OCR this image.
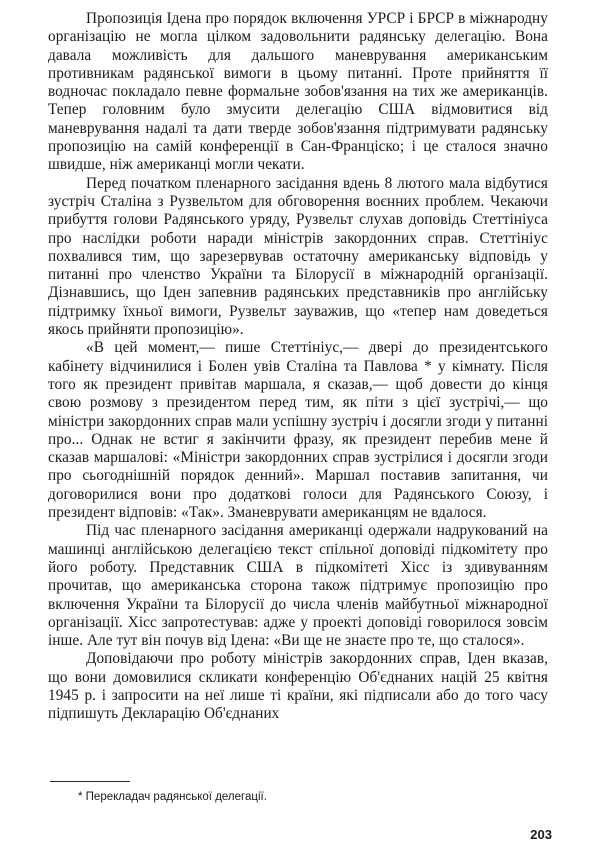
Пропозиція Ідена про порядок включення УРСР і БРСР в міжнародну організацію не могла цілком задовольнити радянську делегацію. Вона давала можливість для дальшого маневрування американським противникам радянської вимоги в цьому питанні. Проте прийняття її водночас покладало певне формальне зобов'язання на тих же американців. Тепер головним було змусити делегацію США відмовитися від маневрування надалі та дати тверде зобов'язання підтримувати радянську пропозицію на самій конференції в Сан-Франціско; і це сталося значно швидше, ніж американці могли чекати.

Перед початком пленарного засідання вдень 8 лютого мала відбутися зустріч Сталіна з Рузвельтом для обговорення воєнних проблем. Чекаючи прибуття голови Радянського уряду, Рузвельт слухав доповідь Стеттініуса про наслідки роботи наради міністрів закордонних справ. Стеттініус похвалився тим, що зарезервував остаточну американську відповідь у питанні про членство України та Білорусії в міжнародній організації. Дізнавшись, що Іден запевнив радянських представників про англійську підтримку їхньої вимоги, Рузвельт зауважив, що «тепер нам доведеться якось прийняти пропозицію».

«В цей момент,— пише Стеттініус,— двері до президентського кабінету відчинилися і Болен увів Сталіна та Павлова * у кімнату. Після того як президент привітав маршала, я сказав,— щоб довести до кінця свою розмову з президентом перед тим, як піти з цієї зустрічі,— що міністри закордонних справ мали успішну зустріч і досягли згоди у питанні про... Однак не встиг я закінчити фразу, як президент перебив мене й сказав маршалові: «Міністри закордонних справ зустрілися і досягли згоди про сьогоднішній порядок денний». Маршал поставив запитання, чи договорилися вони про додаткові голоси для Радянського Союзу, і президент відповів: «Так». Зманеврувати американцям не вдалося.

Під час пленарного засідання американці одержали надрукований на машинці англійською делегацією текст спільної доповіді підкомітету про його роботу. Представник США в підкомітеті Хісс із здивуванням прочитав, що американська сторона також підтримує пропозицію про включення України та Білорусії до числа членів майбутньої міжнародної організації. Хісс запротестував: адже у проекті доповіді говорилося зовсім інше. Але тут він почув від Ідена: «Ви ще не знаєте про те, що сталося».

Доповідаючи про роботу міністрів закордонних справ, Іден вказав, що вони домовилися скликати конференцію Об'єднаних націй 25 квітня 1945 р. і запросити на неї лише ті країни, які підписали або до того часу підпишуть Декларацію Об'єднаних

* Перекладач радянської делегації.
203
